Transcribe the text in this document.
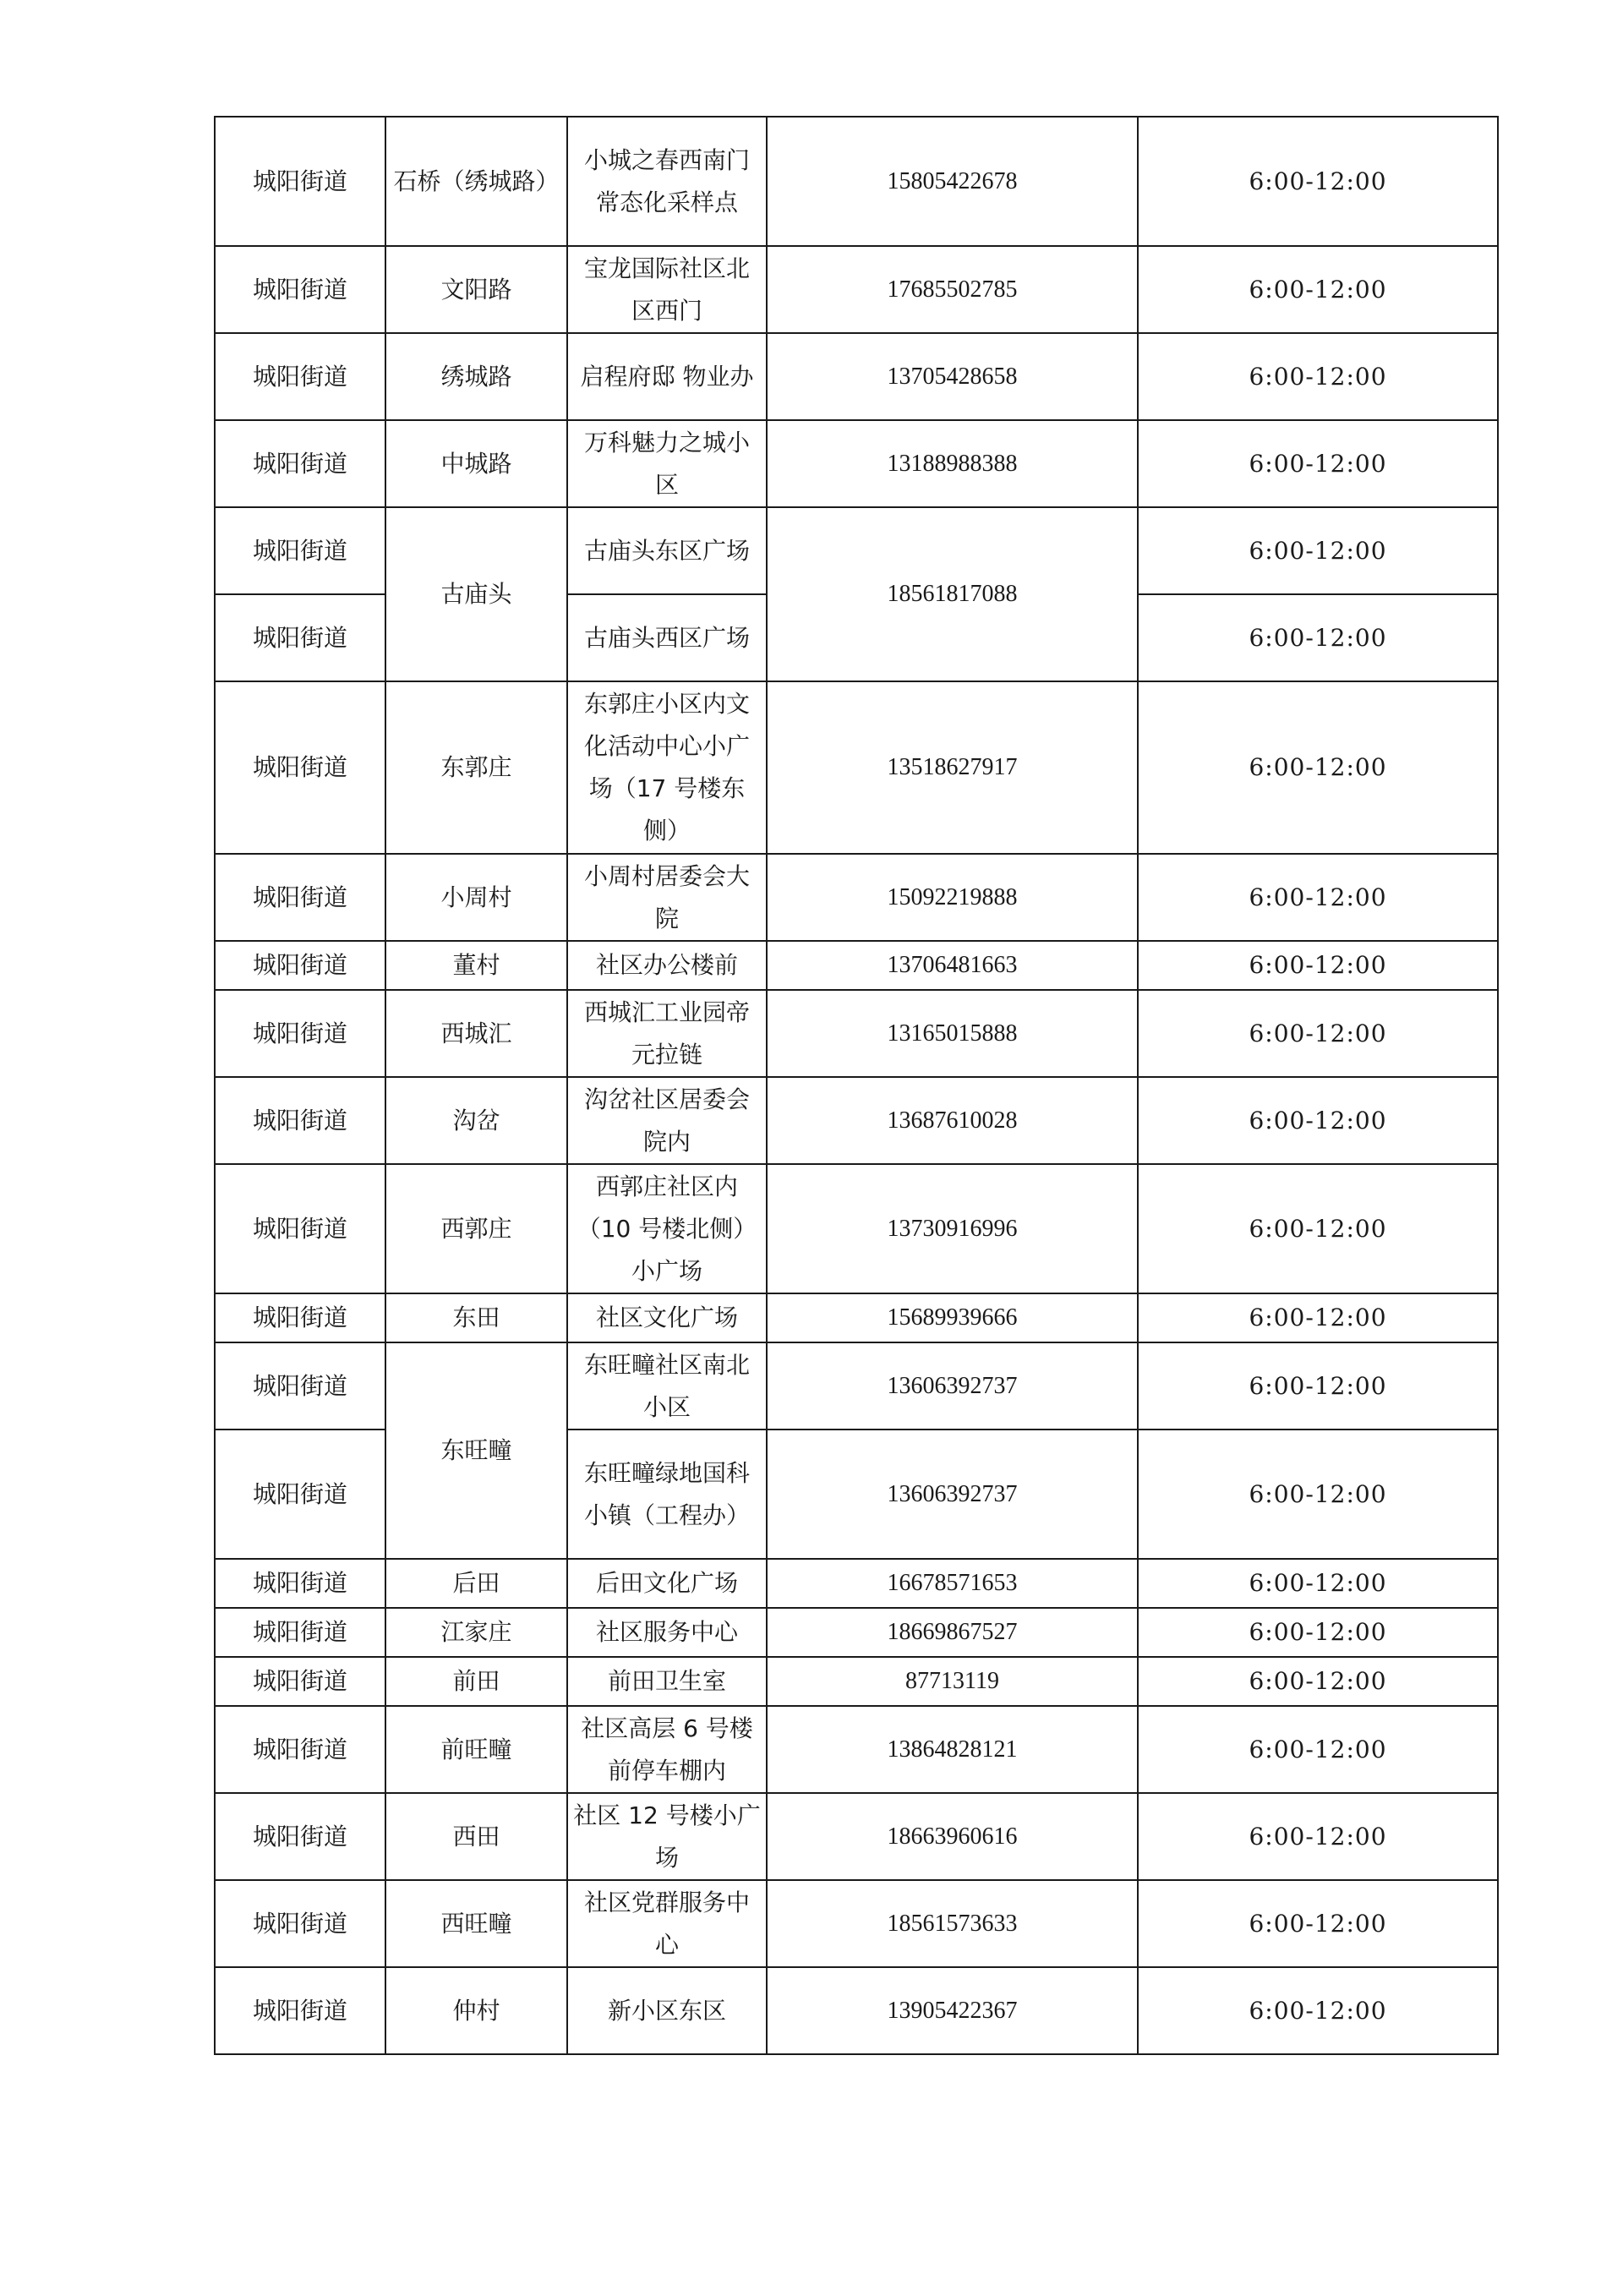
城阳街道	石桥（绣城路）	小城之春西南门常态化采样点	15805422678	6:00-12:00
城阳街道	文阳路	宝龙国际社区北区西门	17685502785	6:00-12:00
城阳街道	绣城路	启程府邸 物业办	13705428658	6:00-12:00
城阳街道	中城路	万科魅力之城小区	13188988388	6:00-12:00
城阳街道	古庙头	古庙头东区广场	18561817088	6:00-12:00
城阳街道		古庙头西区广场		6:00-12:00
城阳街道	东郭庄	东郭庄小区内文化活动中心小广场（17 号楼东侧）	13518627917	6:00-12:00
城阳街道	小周村	小周村居委会大院	15092219888	6:00-12:00
城阳街道	董村	社区办公楼前	13706481663	6:00-12:00
城阳街道	西城汇	西城汇工业园帝元拉链	13165015888	6:00-12:00
城阳街道	沟岔	沟岔社区居委会院内	13687610028	6:00-12:00
城阳街道	西郭庄	西郭庄社区内（10 号楼北侧）小广场	13730916996	6:00-12:00
城阳街道	东田	社区文化广场	15689939666	6:00-12:00
城阳街道	东旺疃	东旺疃社区南北小区	13606392737	6:00-12:00
城阳街道		东旺疃绿地国科小镇（工程办）	13606392737	6:00-12:00
城阳街道	后田	后田文化广场	16678571653	6:00-12:00
城阳街道	江家庄	社区服务中心	18669867527	6:00-12:00
城阳街道	前田	前田卫生室	87713119	6:00-12:00
城阳街道	前旺疃	社区高层 6 号楼前停车棚内	13864828121	6:00-12:00
城阳街道	西田	社区 12 号楼小广场	18663960616	6:00-12:00
城阳街道	西旺疃	社区党群服务中心	18561573633	6:00-12:00
城阳街道	仲村	新小区东区	13905422367	6:00-12:00
